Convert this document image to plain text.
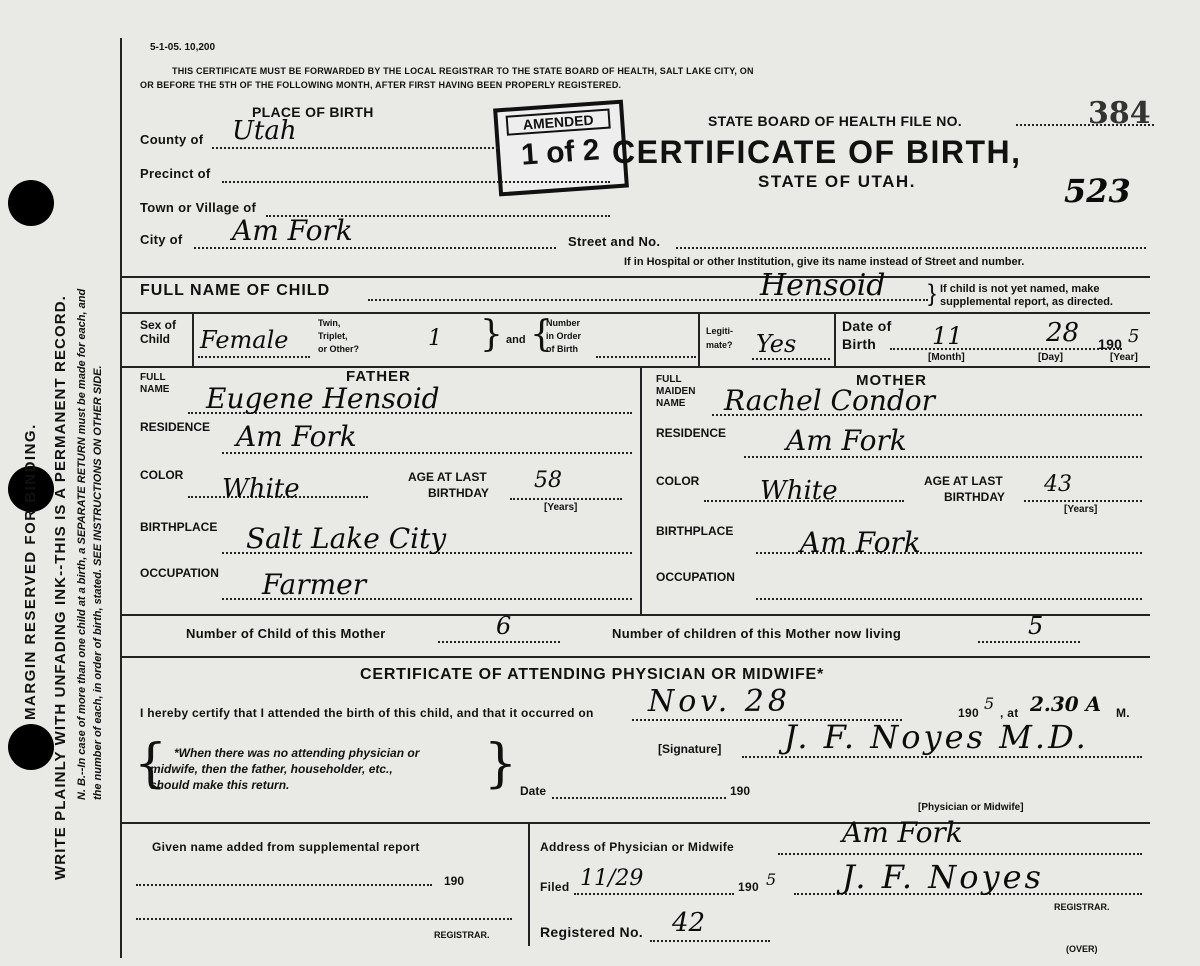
MARGIN RESERVED FOR BINDING. WRITE PLAINLY WITH UNFADING INK--THIS IS A PERMANENT RECORD. N. B.--In case of more than one child at a birth, a SEPARATE RETURN must be made for each, and the number of each, in order of birth, stated. SEE INSTRUCTIONS ON OTHER SIDE.
5-1-05. 10,200
THIS CERTIFICATE MUST BE FORWARDED BY THE LOCAL REGISTRAR TO THE STATE BOARD OF HEALTH, SALT LAKE CITY, ON
OR BEFORE THE 5TH OF THE FOLLOWING MONTH, AFTER FIRST HAVING BEEN PROPERLY REGISTERED.
PLACE OF BIRTH
STATE BOARD OF HEALTH FILE NO.	384
AMENDED
1 of 2 CERTIFICATE OF BIRTH,
STATE OF UTAH.	523
County of Utah
Precinct of
Town or Village of
City of Am Fork	Street and No.
If in Hospital or other Institution, give its name instead of Street and number.
FULL NAME OF CHILD	Hensoid } If child is not yet named, make
supplemental report, as directed.
Sex of
Child Female
Twin,
Triplet,
or Other?	1 } and {
Number
in Order
of Birth
Legiti-
mate? Yes
Date of
Birth 11	28 190 5
[Month]	[Day]	[Year]
FATHER
FULL
NAME Eugene Hensoid
RESIDENCE Am Fork
COLOR White	AGE AT LAST
BIRTHDAY 58
[Years]
BIRTHPLACE Salt Lake City
OCCUPATION Farmer
MOTHER
FULL
MAIDEN
NAME Rachel Condor
RESIDENCE Am Fork
COLOR White	AGE AT LAST
BIRTHDAY 43
[Years]
BIRTHPLACE Am Fork
OCCUPATION
Number of Child of this Mother	6	Number of children of this Mother now living	5
CERTIFICATE OF ATTENDING PHYSICIAN OR MIDWIFE*
I hereby certify that I attended the birth of this child, and that it occurred on Nov. 28	190 5 , at 2.30 A M.
{ *When there was no attending physician or
midwife, then the father, householder, etc.,
should make this return.	}	[Signature] J. F. Noyes M.D.
Date	190
[Physician or Midwife]
Given name added from supplemental report
190
REGISTRAR.
Address of Physician or Midwife	Am Fork
Filed 11/29	190 5 J. F. Noyes
REGISTRAR.
Registered No. 42
(OVER)
